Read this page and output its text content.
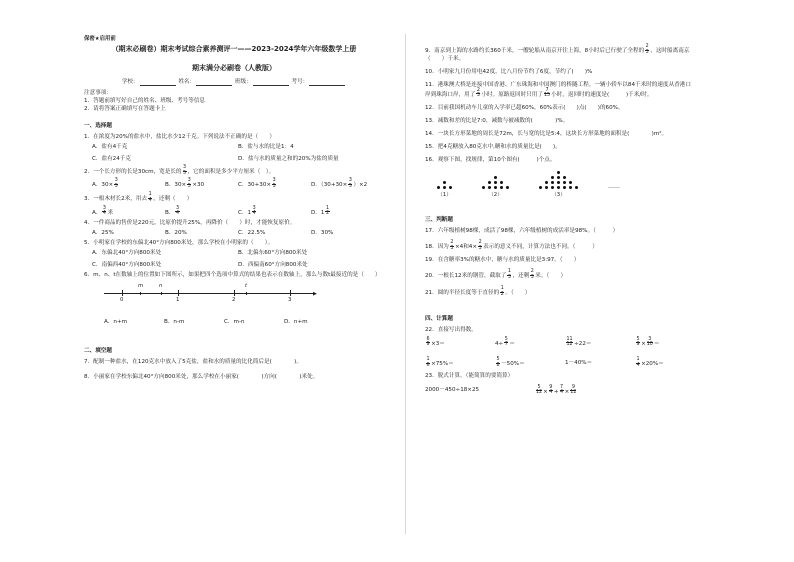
保密★启用前
（期末必刷卷）期末考试综合素养测评一——2023-2024学年六年级数学上册
期末满分必刷卷（人教版）
学校：	姓名：	班级：	考号：
注意事项：
1．答题前填写好自己的姓名、班级、考号等信息
2．请将答案正确填写在答题卡上
一、选择题
1．在浓度为20%的盐水中，盐比水少12千克。下列说法不正确的是（　　）
A．盐有4千克	B．盐与水的比是1：4
C．盐有24千克	D．盐与水的质量之和的20%为盐的质量
2．一个长方形的长是30cm，宽是长的 $\frac{3}{5}$ ，它的面积是多少平方厘米（　）。
A．$30\times \frac{3}{5}$	B．$30\times \frac{3}{5} \times 30$	C．$30+30\times \frac{3}{5}$	D．$(30+30\times \frac{3}{5} )\times 2$
3．一根木材长2米，用去 $\frac{1}{4}$ ，还剩（　　）
A． $\frac{3}{4}$ 米	B． $\frac{3}{4}$	C．$1 \frac{3}{4}$	D．$1 \frac{1}{2}$
4．一件商品的售价是220元，比原价提升25%，再降价（　　）时，才能恢复原价。
A．25%	B．20%	C．22.5%	D．30%
5．小明家在学校的东偏北40°方向800米处，那么学校在小明家的（　　）。
A．东偏北40°方向800米处	B．北偏东60°方向800米处
C．南偏西40°方向800米处	D．西偏南60°方向800米处
6．m、n、t在数轴上的位置如下图所示，如果把四个选项中算式的结果也表示在数轴上，那么与数t最接近的是（　　）
▶
0	1	2	3
m	n	t
A．n+m	B．n-m	C．m-n	D．n+m
二、填空题
7．配制一种盐水，在120克水中放入了5克盐，盐和水的质量的比化简后是(　　　　)。
8．小丽家在学校东偏北40°方向800米处，那么学校在小丽家(　　　　)方向(　　　　)米处。
9．南京到上海的水路约长360千米，一艘轮船从南京开往上海，8小时后已行驶了全程的 $\frac{2}{3}$ ，这时船离南京
（　　）千米。
10．小明家九月份用电42度，比八月份节约了6度，节约了(　　)%
11．港珠澳大桥是连接中国香港、广东珠海和中国澳门的桥隧工程。一辆小轿车以84千米时的速度从香港口
岸到珠海口岸，用了 $\frac{2}{3}$ 小时。原路返回时只用了 $\frac{7}{15}$ 小时，返回时的速度是(　　　)千米/时。
12．目前我国机动车儿童的入学率已超60%，60%表示(　　)点(　　)的60%。
13．减数和差的比是7:0，减数与被减数的(　　　　)%。
14．一块长方形菜地的周长是72m，长与宽的比是5:4，这块长方形菜地的面积是(　　　　)m²。
15．把4克糖放入80克水中,糖和水的质量比是(　　)。
16．观察下图，找规律，第10个图有(　　　)个点。
（1）	（2）	（3）
……
三、判断题
17．六年级植树98棵，成活了98棵，六年级植树的成活率是98%。（　　　）
18．因为 $\frac{2}{3} \times 4$和$4\times \frac{2}{3}$ 表示的意义不同，计算方法也不同。（　　　）
19．在含糖率3%的糖水中，糖与水的质量比是3:97。（　　）
20．一根长12米的钢管，截取了 $\frac{1}{3}$ ，还剩 $\frac{2}{3}$ 米。（　　）
21．圆的半径长度等于直径的 $\frac{1}{2}$ 。（　　）
四、计算题
22．直接写出得数。
$\frac{6}{9} \times 3=$	$4\div \frac{5}{7}$ ＝	$\frac{11}{12} \div 22=$	$\frac{5}{9} \times \frac{3}{10}$ ＝
$\frac{1}{6} \times 75\%=$	$\frac{5}{8} -50\%=$	1－40%＝	$\frac{1}{4} \times 20\%=$
23．脱式计算。（能简算的要简算）
2000－450÷18×25	$\frac{5}{12} \times \frac{9}{4} + \frac{7}{4} \times \frac{9}{12}$
